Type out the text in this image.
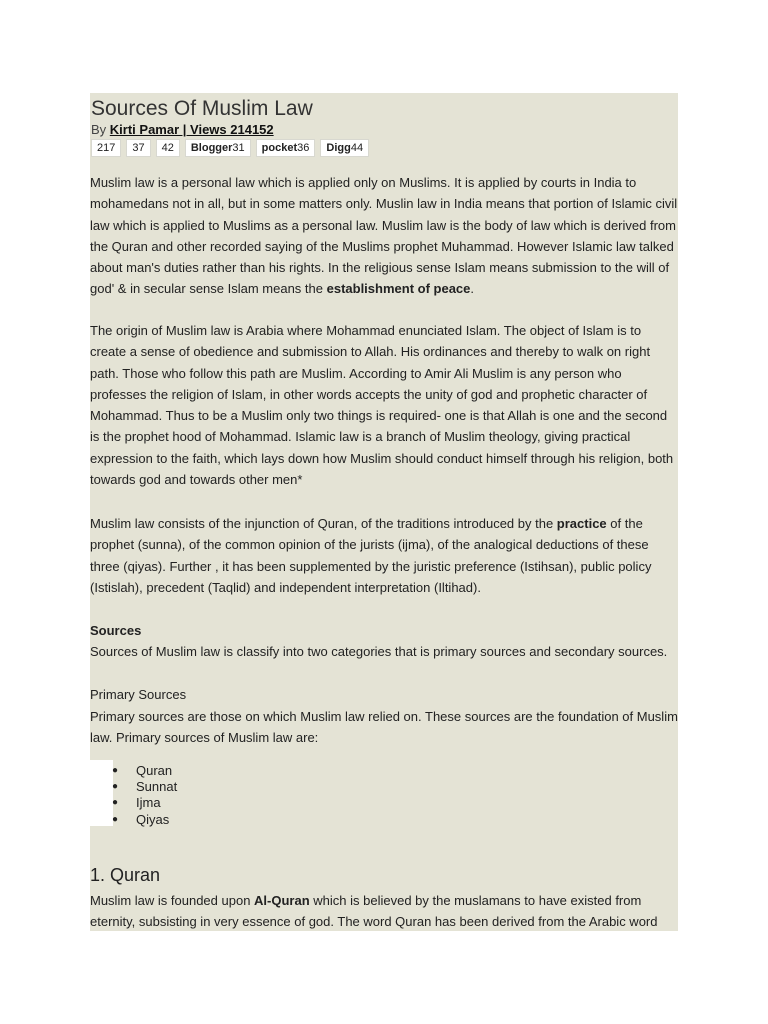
Sources Of Muslim Law
By Kirti Pamar | Views 214152
217	37	42	Blogger31	pocket36	Digg44
Muslim law is a personal law which is applied only on Muslims. It is applied by courts in India to mohamedans not in all, but in some matters only. Muslin law in India means that portion of Islamic civil law which is applied to Muslims as a personal law. Muslim law is the body of law which is derived from the Quran and other recorded saying of the Muslims prophet Muhammad. However Islamic law talked about man's duties rather than his rights. In the religious sense Islam means submission to the will of god' & in secular sense Islam means the establishment of peace.
The origin of Muslim law is Arabia where Mohammad enunciated Islam. The object of Islam is to create a sense of obedience and submission to Allah. His ordinances and thereby to walk on right path. Those who follow this path are Muslim. According to Amir Ali Muslim is any person who professes the religion of Islam, in other words accepts the unity of god and prophetic character of Mohammad. Thus to be a Muslim only two things is required- one is that Allah is one and the second is the prophet hood of Mohammad. Islamic law is a branch of Muslim theology, giving practical expression to the faith, which lays down how Muslim should conduct himself through his religion, both towards god and towards other men*
Muslim law consists of the injunction of Quran, of the traditions introduced by the practice of the prophet (sunna), of the common opinion of the jurists (ijma), of the analogical deductions of these three (qiyas). Further , it has been supplemented by the juristic preference (Istihsan), public policy (Istislah), precedent (Taqlid) and independent interpretation (Iltihad).
Sources
Sources of Muslim law is classify into two categories that is primary sources and secondary sources.
Primary Sources
Primary sources are those on which Muslim law relied on. These sources are the foundation of Muslim law. Primary sources of Muslim law are:
●	Quran
●	Sunnat
●	Ijma
●	Qiyas
1. Quran
Muslim law is founded upon Al-Quran which is believed by the muslamans to have existed from eternity, subsisting in very essence of god. The word Quran has been derived from the Arabic word
